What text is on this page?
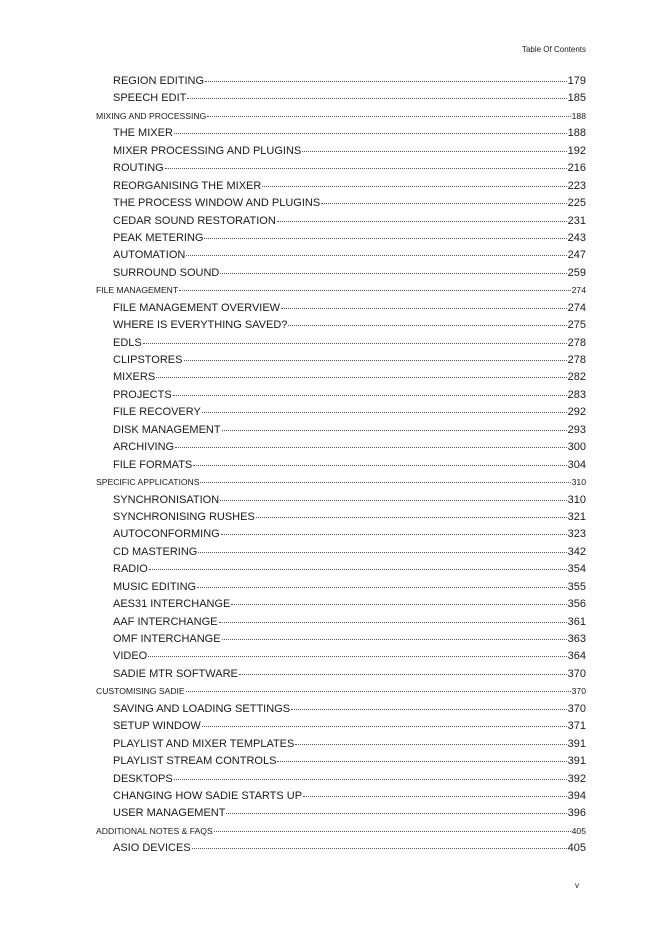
Table Of Contents
REGION EDITING	179
SPEECH EDIT	185
MIXING AND PROCESSING	188
THE MIXER	188
MIXER PROCESSING AND PLUGINS	192
ROUTING	216
REORGANISING THE MIXER	223
THE PROCESS WINDOW AND PLUGINS	225
CEDAR SOUND RESTORATION	231
PEAK METERING	243
AUTOMATION	247
SURROUND SOUND	259
FILE MANAGEMENT	274
FILE MANAGEMENT OVERVIEW	274
WHERE IS EVERYTHING SAVED?	275
EDLS	278
CLIPSTORES	278
MIXERS	282
PROJECTS	283
FILE RECOVERY	292
DISK MANAGEMENT	293
ARCHIVING	300
FILE FORMATS	304
SPECIFIC APPLICATIONS	310
SYNCHRONISATION	310
SYNCHRONISING RUSHES	321
AUTOCONFORMING	323
CD MASTERING	342
RADIO	354
MUSIC EDITING	355
AES31 INTERCHANGE	356
AAF INTERCHANGE	361
OMF INTERCHANGE	363
VIDEO	364
SADIE MTR SOFTWARE	370
CUSTOMISING SADIE	370
SAVING AND LOADING SETTINGS	370
SETUP WINDOW	371
PLAYLIST AND MIXER TEMPLATES	391
PLAYLIST STREAM CONTROLS	391
DESKTOPS	392
CHANGING HOW SADIE STARTS UP	394
USER MANAGEMENT	396
ADDITIONAL NOTES & FAQS	405
ASIO DEVICES	405
v
